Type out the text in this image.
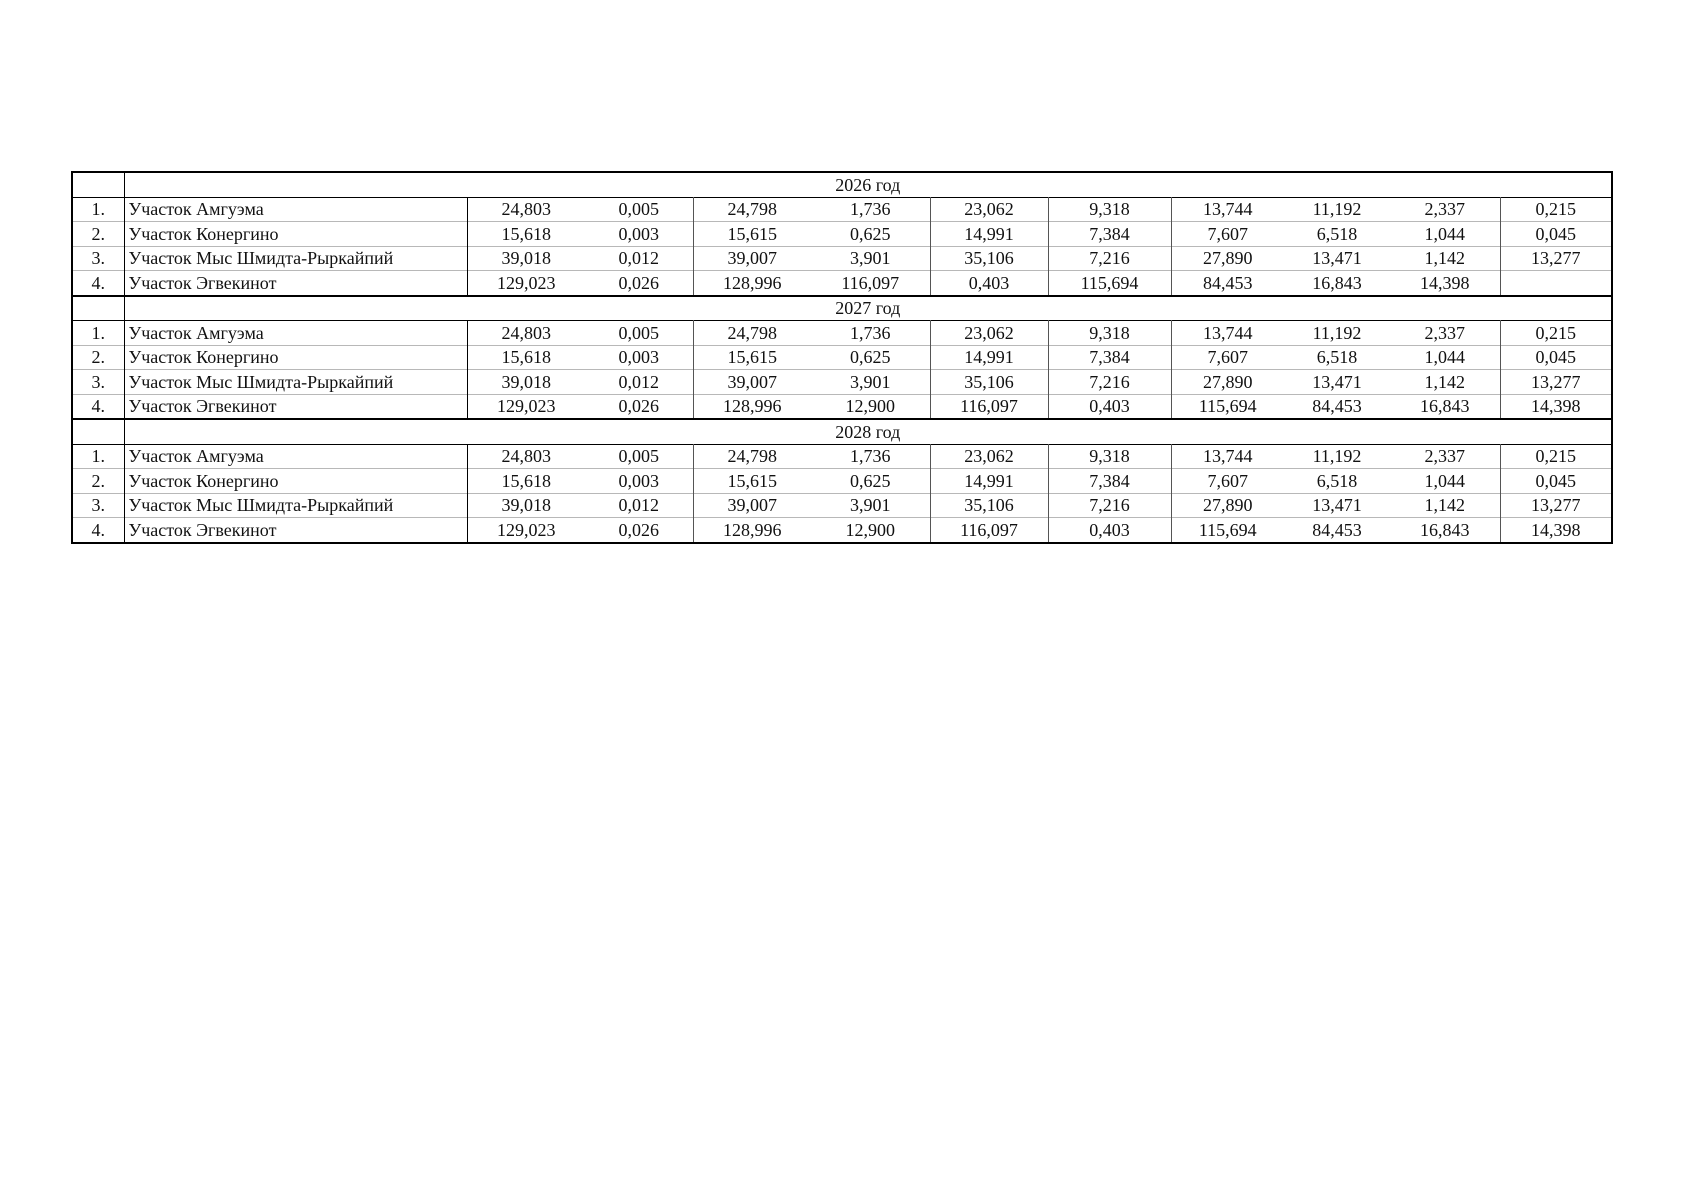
	2026 год										
1.	Участок Амгуэма	24,803	0,005	24,798	1,736	23,062	9,318	13,744	11,192	2,337	0,215
2.	Участок Конергино	15,618	0,003	15,615	0,625	14,991	7,384	7,607	6,518	1,044	0,045
3.	Участок Мыс Шмидта-Рыркайпий	39,018	0,012	39,007	3,901	35,106	7,216	27,890	13,471	1,142	13,277
4.	Участок Эгвекинот	129,023	0,026	128,996	116,097	0,403	115,694	84,453	16,843	14,398	
	2027 год										
1.	Участок Амгуэма	24,803	0,005	24,798	1,736	23,062	9,318	13,744	11,192	2,337	0,215
2.	Участок Конергино	15,618	0,003	15,615	0,625	14,991	7,384	7,607	6,518	1,044	0,045
3.	Участок Мыс Шмидта-Рыркайпий	39,018	0,012	39,007	3,901	35,106	7,216	27,890	13,471	1,142	13,277
4.	Участок Эгвекинот	129,023	0,026	128,996	12,900	116,097	0,403	115,694	84,453	16,843	14,398
	2028 год										
1.	Участок Амгуэма	24,803	0,005	24,798	1,736	23,062	9,318	13,744	11,192	2,337	0,215
2.	Участок Конергино	15,618	0,003	15,615	0,625	14,991	7,384	7,607	6,518	1,044	0,045
3.	Участок Мыс Шмидта-Рыркайпий	39,018	0,012	39,007	3,901	35,106	7,216	27,890	13,471	1,142	13,277
4.	Участок Эгвекинот	129,023	0,026	128,996	12,900	116,097	0,403	115,694	84,453	16,843	14,398
